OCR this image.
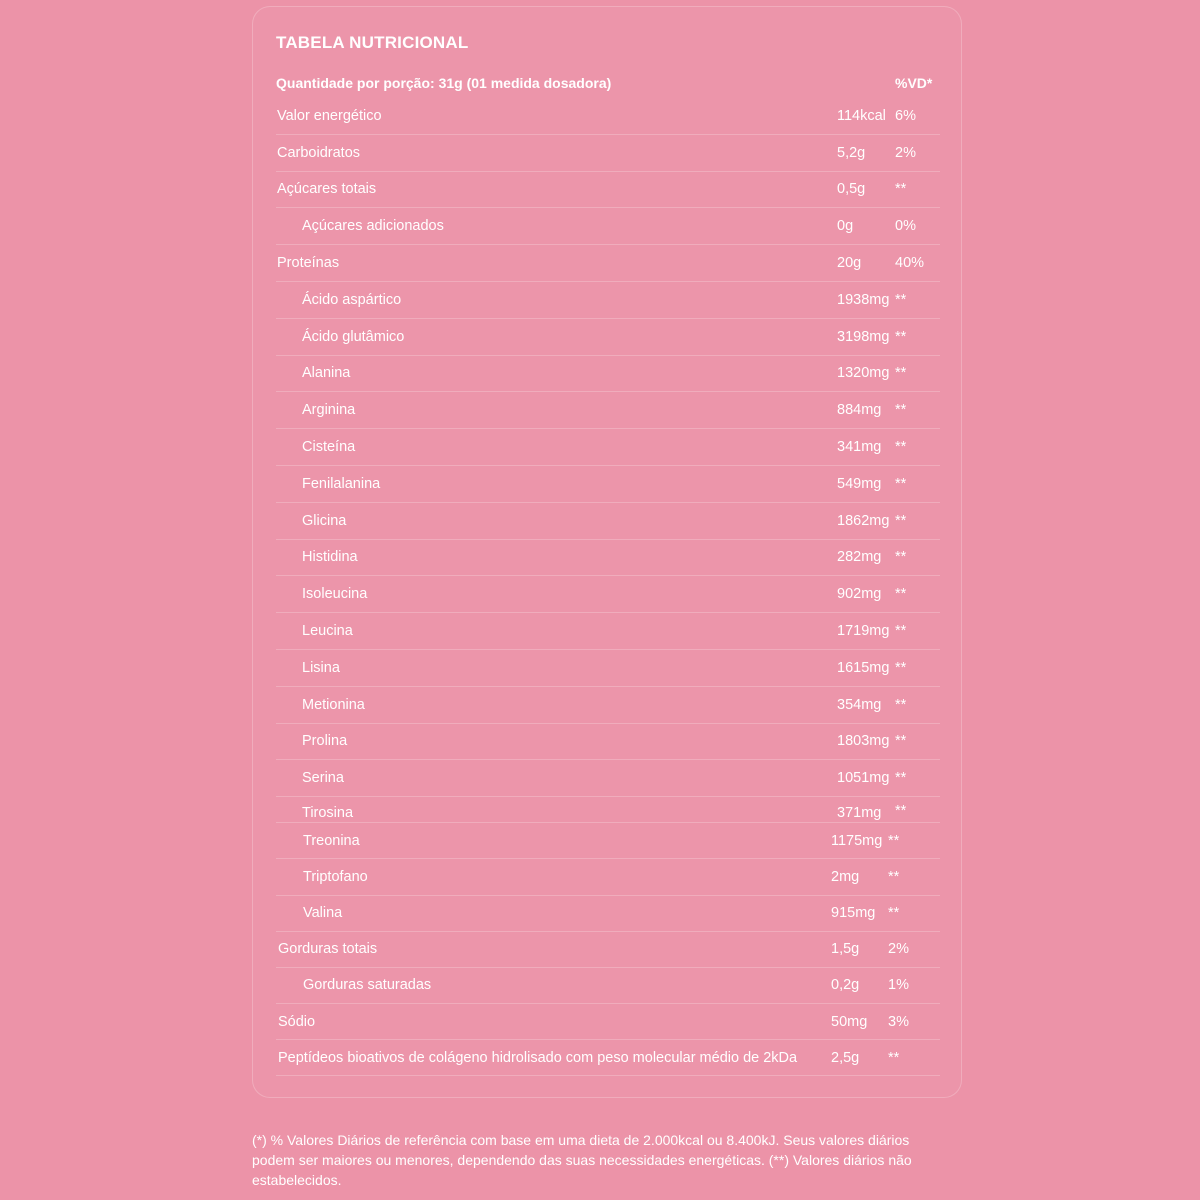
TABELA NUTRICIONAL
Quantidade por porção: 31g (01 medida dosadora)	%VD*
Valor energético	114kcal 6%
Carboidratos	5,2g 2%
Açúcares totais	0,5g **
Açúcares adicionados	0g	0%
Proteínas	20g 40%
Ácido aspártico	1938mg **
Ácido glutâmico	3198mg **
Alanina	1320mg **
Arginina	884mg **
Cisteína	341mg **
Fenilalanina	549mg **
Glicina	1862mg **
Histidina	282mg **
Isoleucina	902mg **
Leucina	1719mg **
Lisina	1615mg **
Metionina	354mg **
Prolina	1803mg **
Serina	1051mg **
Tirosina	371mg **
Treonina	1175mg **
Triptofano	2mg **
Valina	915mg **
Gorduras totais	1,5g 2%
Gorduras saturadas	0,2g 1%
Sódio	50mg 3%
Peptídeos bioativos de colágeno hidrolisado com peso molecular médio de 2kDa 2,5g **
(*) % Valores Diários de referência com base em uma dieta de 2.000kcal ou 8.400kJ. Seus valores diários podem ser maiores ou menores, dependendo das suas necessidades energéticas. (**) Valores diários não estabelecidos.
